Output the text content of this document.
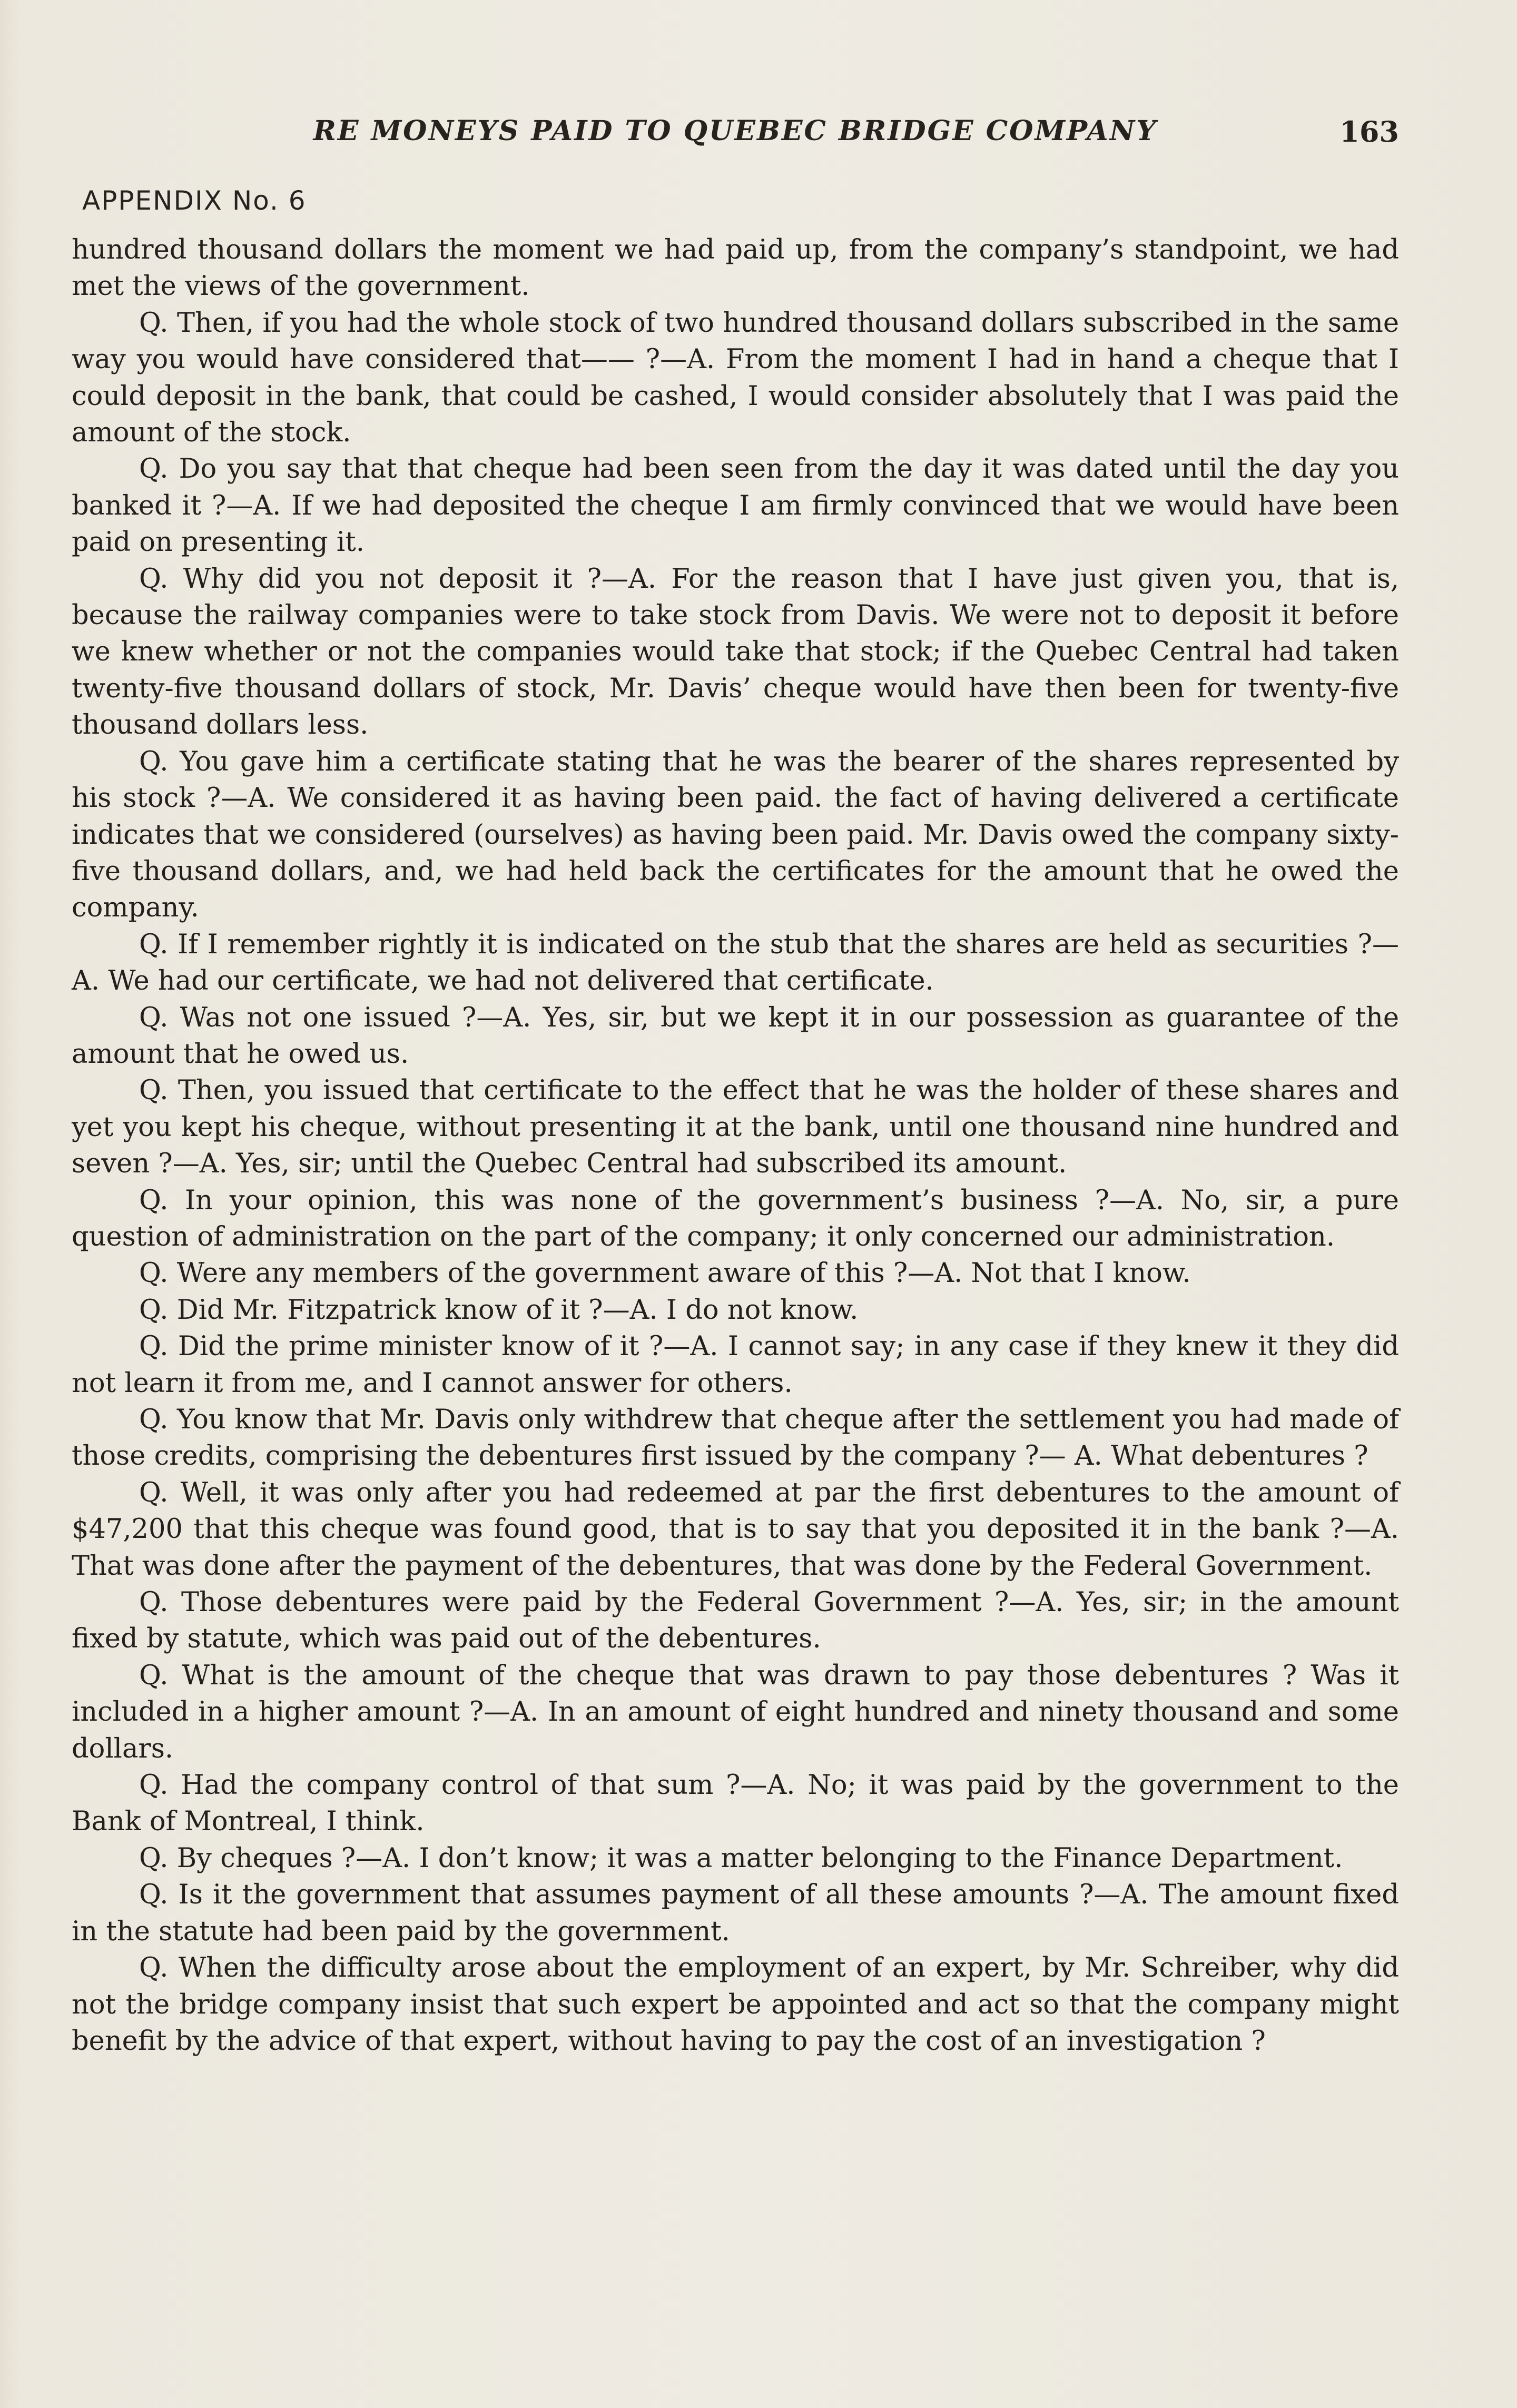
RE MONEYS PAID TO QUEBEC BRIDGE COMPANY	163
APPENDIX No. 6

hundred thousand dollars the moment we had paid up, from the company’s standpoint, we had met the views of the government.

Q. Then, if you had the whole stock of two hundred thousand dollars subscribed in the same way you would have considered that—— ?—A. From the moment I had in hand a cheque that I could deposit in the bank, that could be cashed, I would consider absolutely that I was paid the amount of the stock.

Q. Do you say that that cheque had been seen from the day it was dated until the day you banked it ?—A. If we had deposited the cheque I am firmly convinced that we would have been paid on presenting it.

Q. Why did you not deposit it ?—A. For the reason that I have just given you, that is, because the railway companies were to take stock from Davis. We were not to deposit it before we knew whether or not the companies would take that stock; if the Quebec Central had taken twenty-five thousand dollars of stock, Mr. Davis’ cheque would have then been for twenty-five thousand dollars less.

Q. You gave him a certificate stating that he was the bearer of the shares represented by his stock ?—A. We considered it as having been paid. the fact of having delivered a certificate indicates that we considered (ourselves) as having been paid. Mr. Davis owed the company sixty-five thousand dollars, and, we had held back the certificates for the amount that he owed the company.

Q. If I remember rightly it is indicated on the stub that the shares are held as securities ?—A. We had our certificate, we had not delivered that certificate.

Q. Was not one issued ?—A. Yes, sir, but we kept it in our possession as guarantee of the amount that he owed us.

Q. Then, you issued that certificate to the effect that he was the holder of these shares and yet you kept his cheque, without presenting it at the bank, until one thousand nine hundred and seven ?—A. Yes, sir; until the Quebec Central had subscribed its amount.

Q. In your opinion, this was none of the government’s business ?—A. No, sir, a pure question of administration on the part of the company; it only concerned our administration.

Q. Were any members of the government aware of this ?—A. Not that I know.

Q. Did Mr. Fitzpatrick know of it ?—A. I do not know.

Q. Did the prime minister know of it ?—A. I cannot say; in any case if they knew it they did not learn it from me, and I cannot answer for others.

Q. You know that Mr. Davis only withdrew that cheque after the settlement you had made of those credits, comprising the debentures first issued by the company ?— A. What debentures ?

Q. Well, it was only after you had redeemed at par the first debentures to the amount of $47,200 that this cheque was found good, that is to say that you deposited it in the bank ?—A. That was done after the payment of the debentures, that was done by the Federal Government.

Q. Those debentures were paid by the Federal Government ?—A. Yes, sir; in the amount fixed by statute, which was paid out of the debentures.

Q. What is the amount of the cheque that was drawn to pay those debentures ? Was it included in a higher amount ?—A. In an amount of eight hundred and ninety thousand and some dollars.

Q. Had the company control of that sum ?—A. No; it was paid by the government to the Bank of Montreal, I think.

Q. By cheques ?—A. I don’t know; it was a matter belonging to the Finance Department.

Q. Is it the government that assumes payment of all these amounts ?—A. The amount fixed in the statute had been paid by the government.

Q. When the difficulty arose about the employment of an expert, by Mr. Schreiber, why did not the bridge company insist that such expert be appointed and act so that the company might benefit by the advice of that expert, without having to pay the cost of an investigation ?
